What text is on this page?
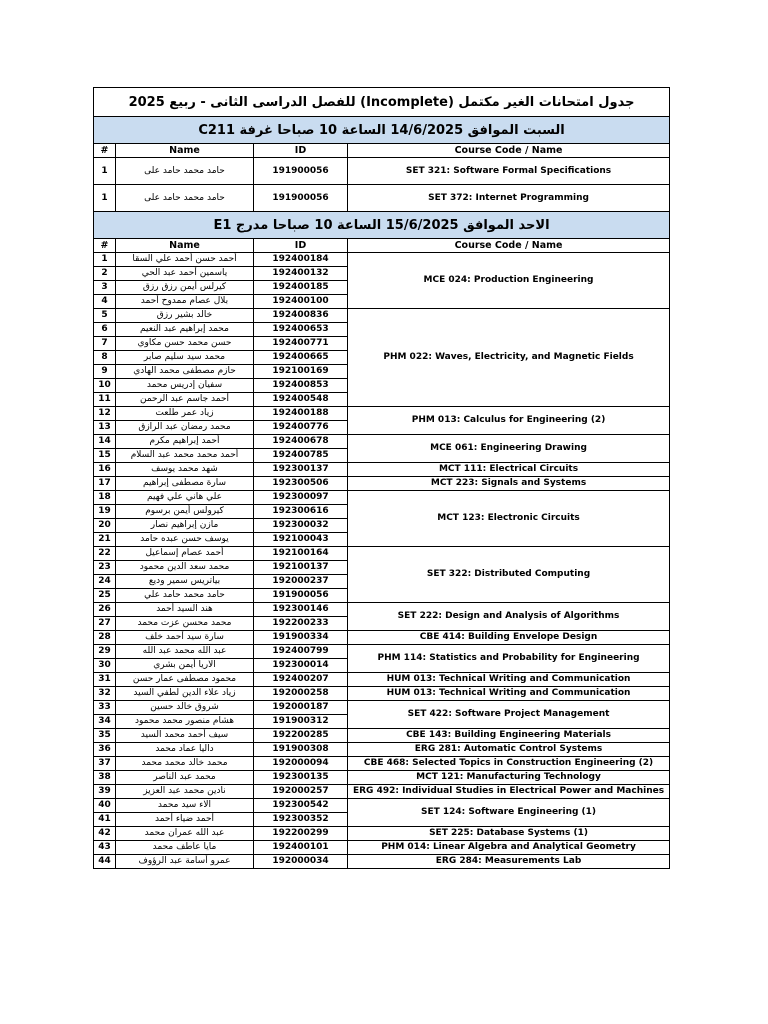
جدول امتحانات الغير مكتمل (Incomplete) للفصل الدراسى الثانى - ربيع 2025			
السبت الموافق 14/6/2025 الساعة 10 صباحا غرفة C211			
#	Name	ID	Course Code / Name
1	حامد محمد حامد على	191900056	SET 321: Software Formal Specifications
1	حامد محمد حامد على	191900056	SET 372: Internet Programming
الاحد الموافق 15/6/2025 الساعة 10 صباحا مدرج E1			
#	Name	ID	Course Code / Name
1	أحمد حسن أحمد علي السقا	192400184	MCE 024: Production Engineering
2	ياسمين أحمد عبد الحي	192400132	
3	كيرلس أيمن رزق رزق	192400185	
4	بلال عصام ممدوح أحمد	192400100	
5	خالد بشير رزق	192400836	PHM 022: Waves, Electricity, and Magnetic Fields
6	محمد إبراهيم عبد النعيم	192400653	
7	حسن محمد حسن مكاوي	192400771	
8	محمد سيد سليم صابر	192400665	
9	حازم مصطفى محمد الهادي	192100169	
10	سفيان إدريس محمد	192400853	
11	أحمد جاسم عبد الرحمن	192400548	
12	زياد عمر طلعت	192400188	PHM 013: Calculus for Engineering (2)
13	محمد رمضان عبد الرازق	192400776	
14	أحمد إبراهيم مكرم	192400678	MCE 061: Engineering Drawing
15	أحمد محمد محمد عبد السلام	192400785	
16	شهد محمد يوسف	192300137	MCT 111: Electrical Circuits
17	سارة مصطفى إبراهيم	192300506	MCT 223: Signals and Systems
18	علي هاني علي فهيم	192300097	MCT 123: Electronic Circuits
19	كيرولس أيمن برسوم	192300616	
20	مازن إبراهيم نصار	192300032	
21	يوسف حسن عبده حامد	192100043	
22	أحمد عصام إسماعيل	192100164	SET 322: Distributed Computing
23	محمد سعد الدين محمود	192100137	
24	بياتريس سمير وديع	192000237	
25	حامد محمد حامد علي	191900056	
26	هند السيد أحمد	192300146	SET 222: Design and Analysis of Algorithms
27	محمد محسن عزت محمد	192200233	
28	سارة سيد أحمد خلف	191900334	CBE 414: Building Envelope Design
29	عبد الله محمد عبد الله	192400799	PHM 114: Statistics and Probability for Engineering
30	الاريا أيمن بشري	192300014	
31	محمود مصطفى عمار حسن	192400207	HUM 013: Technical Writing and Communication
32	زياد علاء الدين لطفي السيد	192000258	HUM 013: Technical Writing and Communication
33	شروق خالد حسين	192000187	SET 422: Software Project Management
34	هشام منصور محمد محمود	191900312	
35	سيف أحمد محمد السيد	192200285	CBE 143: Building Engineering Materials
36	داليا عماد محمد	191900308	ERG 281: Automatic Control Systems
37	محمد خالد محمد محمد	192000094	CBE 468: Selected Topics in Construction Engineering (2)
38	محمد عبد الناصر	192300135	MCT 121: Manufacturing Technology
39	نادين محمد عبد العزيز	192000257	ERG 492: Individual Studies in Electrical Power and Machines
40	الاء سيد محمد	192300542	SET 124: Software Engineering (1)
41	أحمد ضياء أحمد	192300352	
42	عبد الله عمران محمد	192200299	SET 225: Database Systems (1)
43	مايا عاطف محمد	192400101	PHM 014: Linear Algebra and Analytical Geometry
44	عمرو أسامة عبد الرؤوف	192000034	ERG 284: Measurements Lab
